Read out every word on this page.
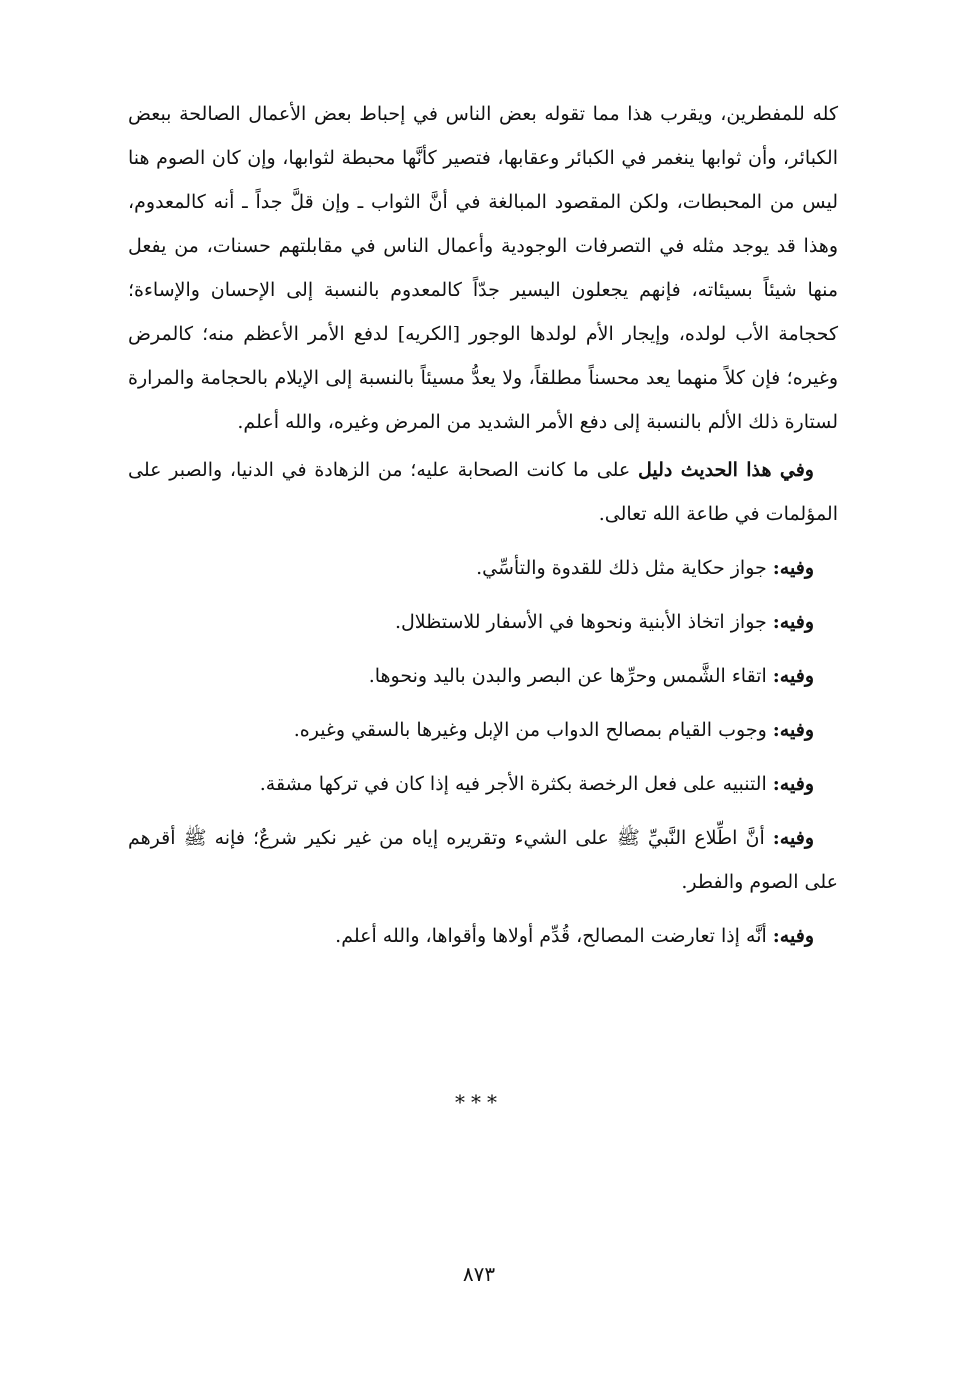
كله للمفطرين، ويقرب هذا مما تقوله بعض الناس في إحباط بعض الأعمال الصالحة ببعض الكبائر، وأن ثوابها ينغمر في الكبائر وعقابها، فتصير كأنَّها محبطة لثوابها، وإن كان الصوم هنا ليس من المحبطات، ولكن المقصود المبالغة في أنَّ الثواب ـ وإن قلَّ جداً ـ أنه كالمعدوم، وهذا قد يوجد مثله في التصرفات الوجودية وأعمال الناس في مقابلتهم حسنات، من يفعل منها شيئاً بسيئاته، فإنهم يجعلون اليسير جدّاً كالمعدوم بالنسبة إلى الإحسان والإساءة؛ كحجامة الأب لولده، وإيجار الأم لولدها الوجور [الكريه] لدفع الأمر الأعظم منه؛ كالمرض وغيره؛ فإن كلاً منهما يعد محسناً مطلقاً، ولا يعدُّ مسيئاً بالنسبة إلى الإيلام بالحجامة والمرارة لستارة ذلك الألم بالنسبة إلى دفع الأمر الشديد من المرض وغيره، والله أعلم.

وفي هذا الحديث دليل على ما كانت الصحابة عليه؛ من الزهادة في الدنيا، والصبر على المؤلمات في طاعة الله تعالى.

وفيه: جواز حكاية مثل ذلك للقدوة والتأسِّي.

وفيه: جواز اتخاذ الأبنية ونحوها في الأسفار للاستظلال.

وفيه: اتقاء الشَّمس وحرِّها عن البصر والبدن باليد ونحوها.

وفيه: وجوب القيام بمصالح الدواب من الإبل وغيرها بالسقي وغيره.

وفيه: التنبيه على فعل الرخصة بكثرة الأجر فيه إذا كان في تركها مشقة.

وفيه: أنَّ اطِّلاع النَّبيِّ ﷺ على الشيء وتقريره إياه من غير نكير شرعٌ؛ فإنه ﷺ أقرهم على الصوم والفطر.

وفيه: أنَّه إذا تعارضت المصالح، قُدِّم أولاها وأقواها، والله أعلم.

***
٨٧٣
